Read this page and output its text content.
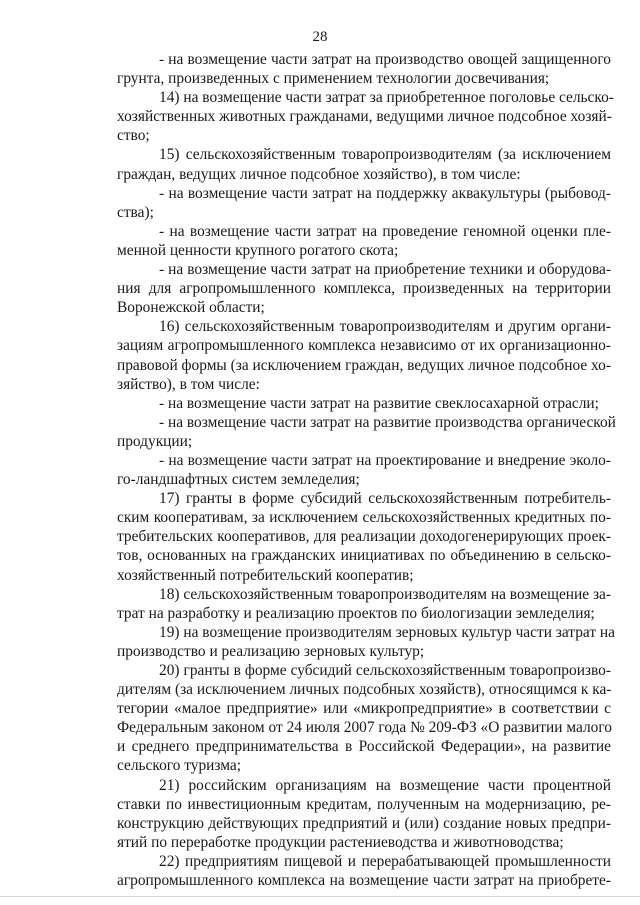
28
- на возмещение части затрат на производство овощей защищенного
грунта, произведенных с применением технологии досвечивания;
14) на возмещение части затрат за приобретенное поголовье сельско-
хозяйственных животных гражданами, ведущими личное подсобное хозяй-
ство;
15) сельскохозяйственным товаропроизводителям (за исключением
граждан, ведущих личное подсобное хозяйство), в том числе:
- на возмещение части затрат на поддержку аквакультуры (рыбовод-
ства);
- на возмещение части затрат на проведение геномной оценки пле-
менной ценности крупного рогатого скота;
- на возмещение части затрат на приобретение техники и оборудова-
ния для агропромышленного комплекса, произведенных на территории
Воронежской области;
16) сельскохозяйственным товаропроизводителям и другим органи-
зациям агропромышленного комплекса независимо от их организационно-
правовой формы (за исключением граждан, ведущих личное подсобное хо-
зяйство), в том числе:
- на возмещение части затрат на развитие свеклосахарной отрасли;
- на возмещение части затрат на развитие производства органической
продукции;
- на возмещение части затрат на проектирование и внедрение эколо-
го-ландшафтных систем земледелия;
17) гранты в форме субсидий сельскохозяйственным потребитель-
ским кооперативам, за исключением сельскохозяйственных кредитных по-
требительских кооперативов, для реализации доходогенерирующих проек-
тов, основанных на гражданских инициативах по объединению в сельско-
хозяйственный потребительский кооператив;
18) сельскохозяйственным товаропроизводителям на возмещение за-
трат на разработку и реализацию проектов по биологизации земледелия;
19) на возмещение производителям зерновых культур части затрат на
производство и реализацию зерновых культур;
20) гранты в форме субсидий сельскохозяйственным товаропроизво-
дителям (за исключением личных подсобных хозяйств), относящимся к ка-
тегории «малое предприятие» или «микропредприятие» в соответствии с
Федеральным законом от 24 июля 2007 года № 209-ФЗ «О развитии малого
и среднего предпринимательства в Российской Федерации», на развитие
сельского туризма;
21) российским организациям на возмещение части процентной
ставки по инвестиционным кредитам, полученным на модернизацию, ре-
конструкцию действующих предприятий и (или) создание новых предпри-
ятий по переработке продукции растениеводства и животноводства;
22) предприятиям пищевой и перерабатывающей промышленности
агропромышленного комплекса на возмещение части затрат на приобрете-
